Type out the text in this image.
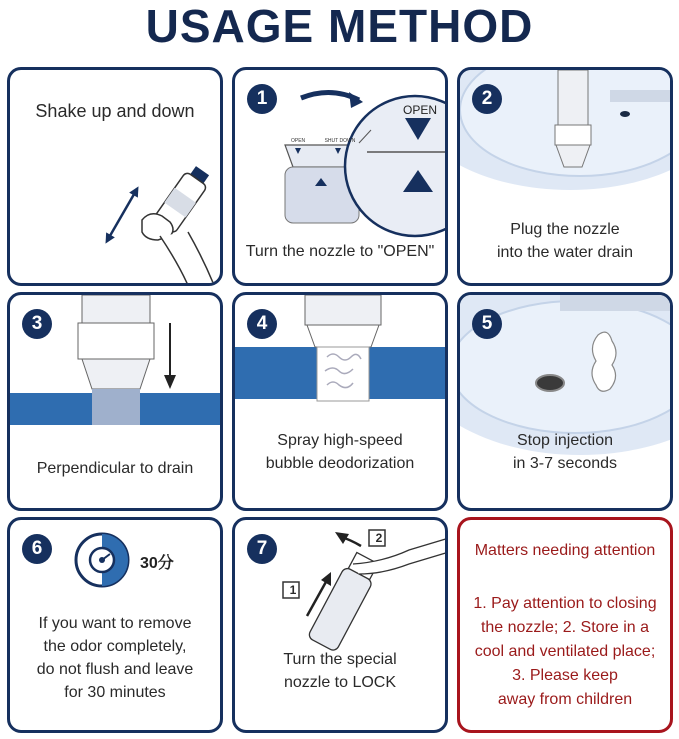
USAGE METHOD
Shake up and down
1
OPEN
OPEN	SHUT DOWN
Turn the nozzle to "OPEN"
2
Plug the nozzle
into the water drain
3
Perpendicular to drain
4
Spray high-speed
bubble deodorization
5
Stop injection
in 3-7 seconds
6
30分
If you want to remove
the odor completely,
do not flush and leave
for 30 minutes
7	2
1
Turn the special
nozzle to LOCK
Matters needing attention
1. Pay attention to closing
the nozzle; 2. Store in a
cool and ventilated place;
3. Please keep
away from children
